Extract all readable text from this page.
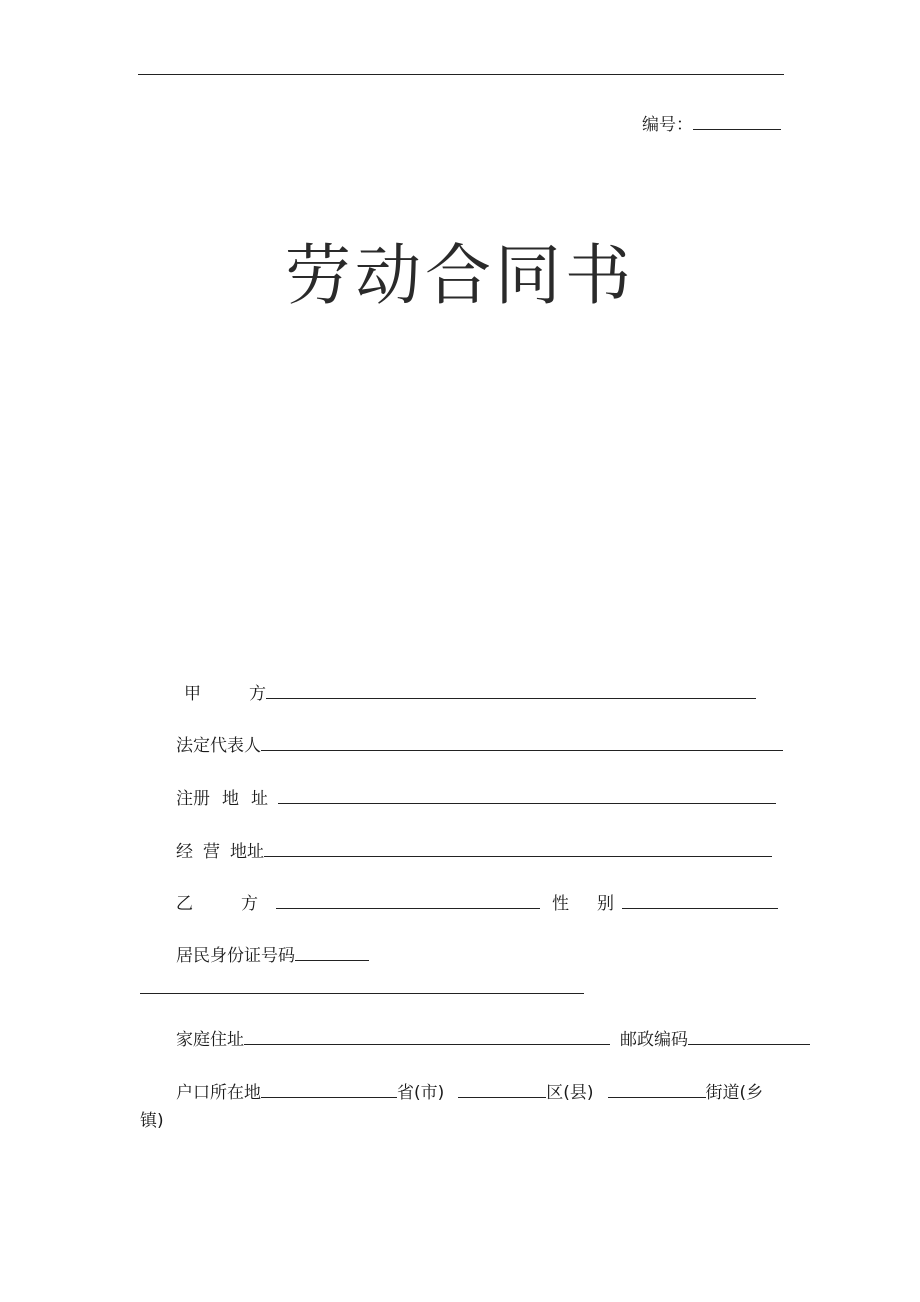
编号：
劳动合同书
甲	方
法定代表人
注册 地 址
经 营 地址
乙	方	性 别
居民身份证号码
家庭住址	邮政编码
户口所在地	省(市)	区(县)	街道(乡
镇)
